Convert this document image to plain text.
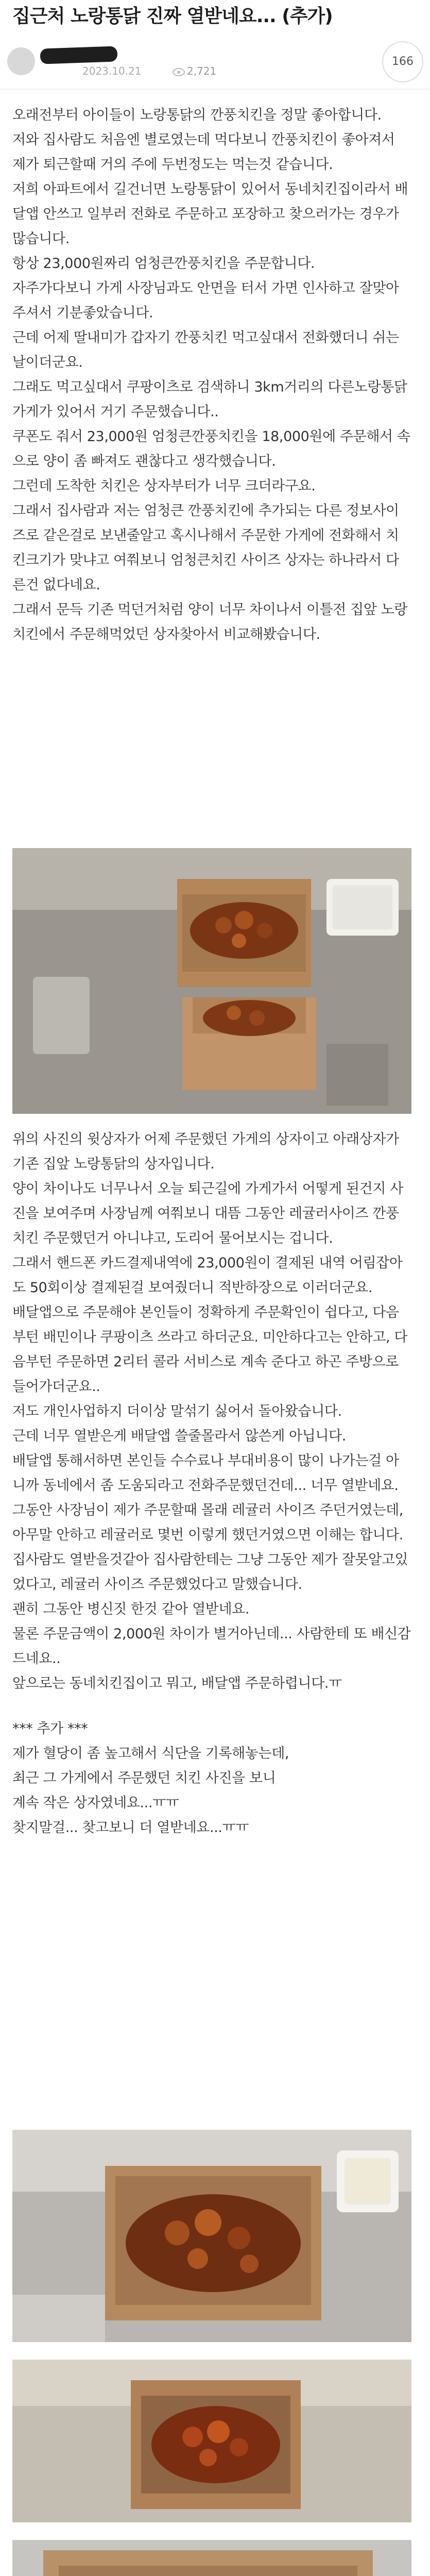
집근처 노랑통닭 진짜 열받네요... (추가)
2023.10.21	2,721
166

오래전부터 아이들이 노랑통닭의 깐풍치킨을 정말 좋아합니다.

저와 집사람도 처음엔 별로였는데 먹다보니 깐풍치킨이 좋아져서 제가 퇴근할때 거의 주에 두번정도는 먹는것 같습니다.

저희 아파트에서 길건너면 노랑통닭이 있어서 동네치킨집이라서 배달앱 안쓰고 일부러 전화로 주문하고 포장하고 찾으러가는 경우가 많습니다.

항상 23,000원짜리 엄청큰깐풍치킨을 주문합니다.

자주가다보니 가게 사장님과도 안면을 터서 가면 인사하고 잘맞아주셔서 기분좋았습니다.

근데 어제 딸내미가 갑자기 깐풍치킨 먹고싶대서 전화했더니 쉬는날이더군요.

그래도 먹고싶대서 쿠팡이츠로 검색하니 3km거리의 다른노랑통닭 가게가 있어서 거기 주문했습니다..

쿠폰도 줘서 23,000원 엄청큰깐풍치킨을 18,000원에 주문해서 속으로 양이 좀 빠져도 괜찮다고 생각했습니다.

그런데 도착한 치킨은 상자부터가 너무 크더라구요.

그래서 집사람과 저는 엄청큰 깐풍치킨에 추가되는 다른 정보사이즈로 같은걸로 보낸줄알고 혹시나해서 주문한 가게에 전화해서 치킨크기가 맞냐고 여쭤보니 엄청큰치킨 사이즈 상자는 하나라서 다른건 없다네요.

그래서 문득 기존 먹던거처럼 양이 너무 차이나서 이틀전 집앞 노랑치킨에서 주문해먹었던 상자찾아서 비교해봤습니다.

위의 사진의 윗상자가 어제 주문했던 가게의 상자이고 아래상자가 기존 집앞 노랑통닭의 상자입니다.

양이 차이나도 너무나서 오늘 퇴근길에 가게가서 어떻게 된건지 사진을 보여주며 사장님께 여쭤보니 대뜸 그동안 레귤러사이즈 깐풍치킨 주문했던거 아니냐고, 도리어 물어보시는 겁니다.

그래서 핸드폰 카드결제내역에 23,000원이 결제된 내역 어림잡아도 50회이상 결제된걸 보여줬더니 적반하장으로 이러더군요.

배달앱으로 주문해야 본인들이 정확하게 주문확인이 쉽다고, 다음부턴 배민이나 쿠팡이츠 쓰라고 하더군요. 미안하다고는 안하고, 다음부턴 주문하면 2리터 콜라 서비스로 계속 준다고 하곤 주방으로 들어가더군요..

저도 개인사업하지 더이상 말섞기 싫어서 돌아왔습니다.

근데 너무 열받은게 배달앱 쓸줄몰라서 않쓴게 아닙니다.

배달앱 통해서하면 본인들 수수료나 부대비용이 많이 나가는걸 아니까 동네에서 좀 도움되라고 전화주문했던건데... 너무 열받네요. 그동안 사장님이 제가 주문할때 몰래 레귤러 사이즈 주던거였는데, 아무말 안하고 레귤러로 몇번 이렇게 했던거였으면 이해는 합니다.

집사람도 열받을것같아 집사람한테는 그냥 그동안 제가 잘못알고있었다고, 레귤러 사이즈 주문했었다고 말했습니다.

괜히 그동안 병신짓 한것 같아 열받네요.

물론 주문금액이 2,000원 차이가 별거아닌데... 사람한테 또 배신감 드네요..

앞으로는 동네치킨집이고 뭐고, 배달앱 주문하렵니다.ㅠ

*** 추가 ***

제가 혈당이 좀 높고해서 식단을 기록해놓는데,

최근 그 가게에서 주문했던 치킨 사진을 보니

계속 작은 상자였네요...ㅠㅠ

찾지말걸... 찾고보니 더 열받네요...ㅠㅠ
